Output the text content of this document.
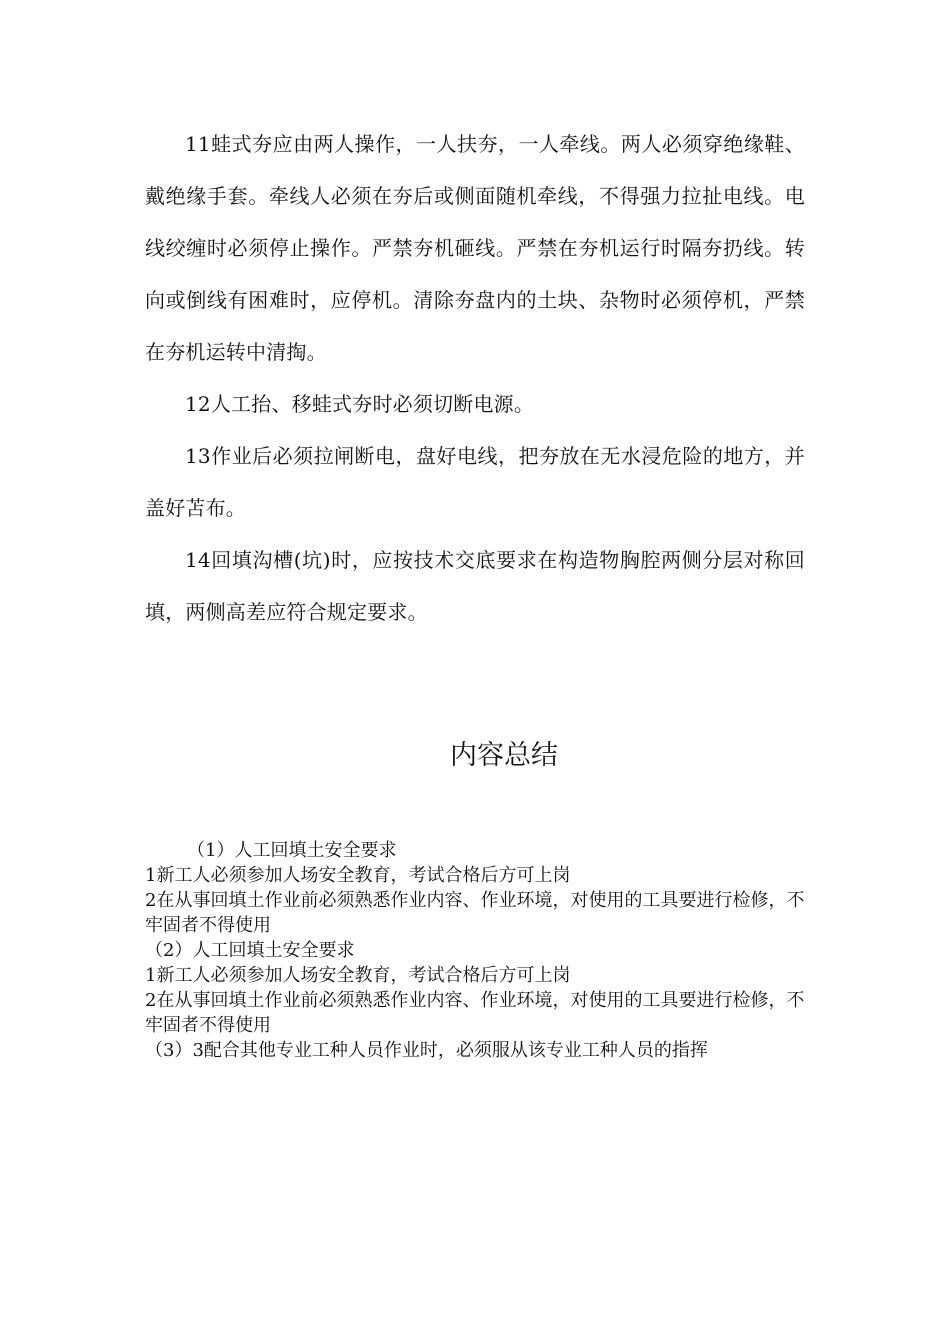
11蛙式夯应由两人操作，一人扶夯，一人牵线。两人必须穿绝缘鞋、戴绝缘手套。牵线人必须在夯后或侧面随机牵线，不得强力拉扯电线。电线绞缠时必须停止操作。严禁夯机砸线。严禁在夯机运行时隔夯扔线。转向或倒线有困难时，应停机。清除夯盘内的土块、杂物时必须停机，严禁在夯机运转中清掏。

12人工抬、移蛙式夯时必须切断电源。

13作业后必须拉闸断电，盘好电线，把夯放在无水浸危险的地方，并盖好苫布。

14回填沟槽(坑)时，应按技术交底要求在构造物胸腔两侧分层对称回填，两侧高差应符合规定要求。

内容总结

（1）人工回填土安全要求

1新工人必须参加人场安全教育，考试合格后方可上岗

2在从事回填土作业前必须熟悉作业内容、作业环境，对使用的工具要进行检修，不牢固者不得使用

（2）人工回填土安全要求

1新工人必须参加人场安全教育，考试合格后方可上岗

2在从事回填土作业前必须熟悉作业内容、作业环境，对使用的工具要进行检修，不牢固者不得使用

（3）3配合其他专业工种人员作业时，必须服从该专业工种人员的指挥
